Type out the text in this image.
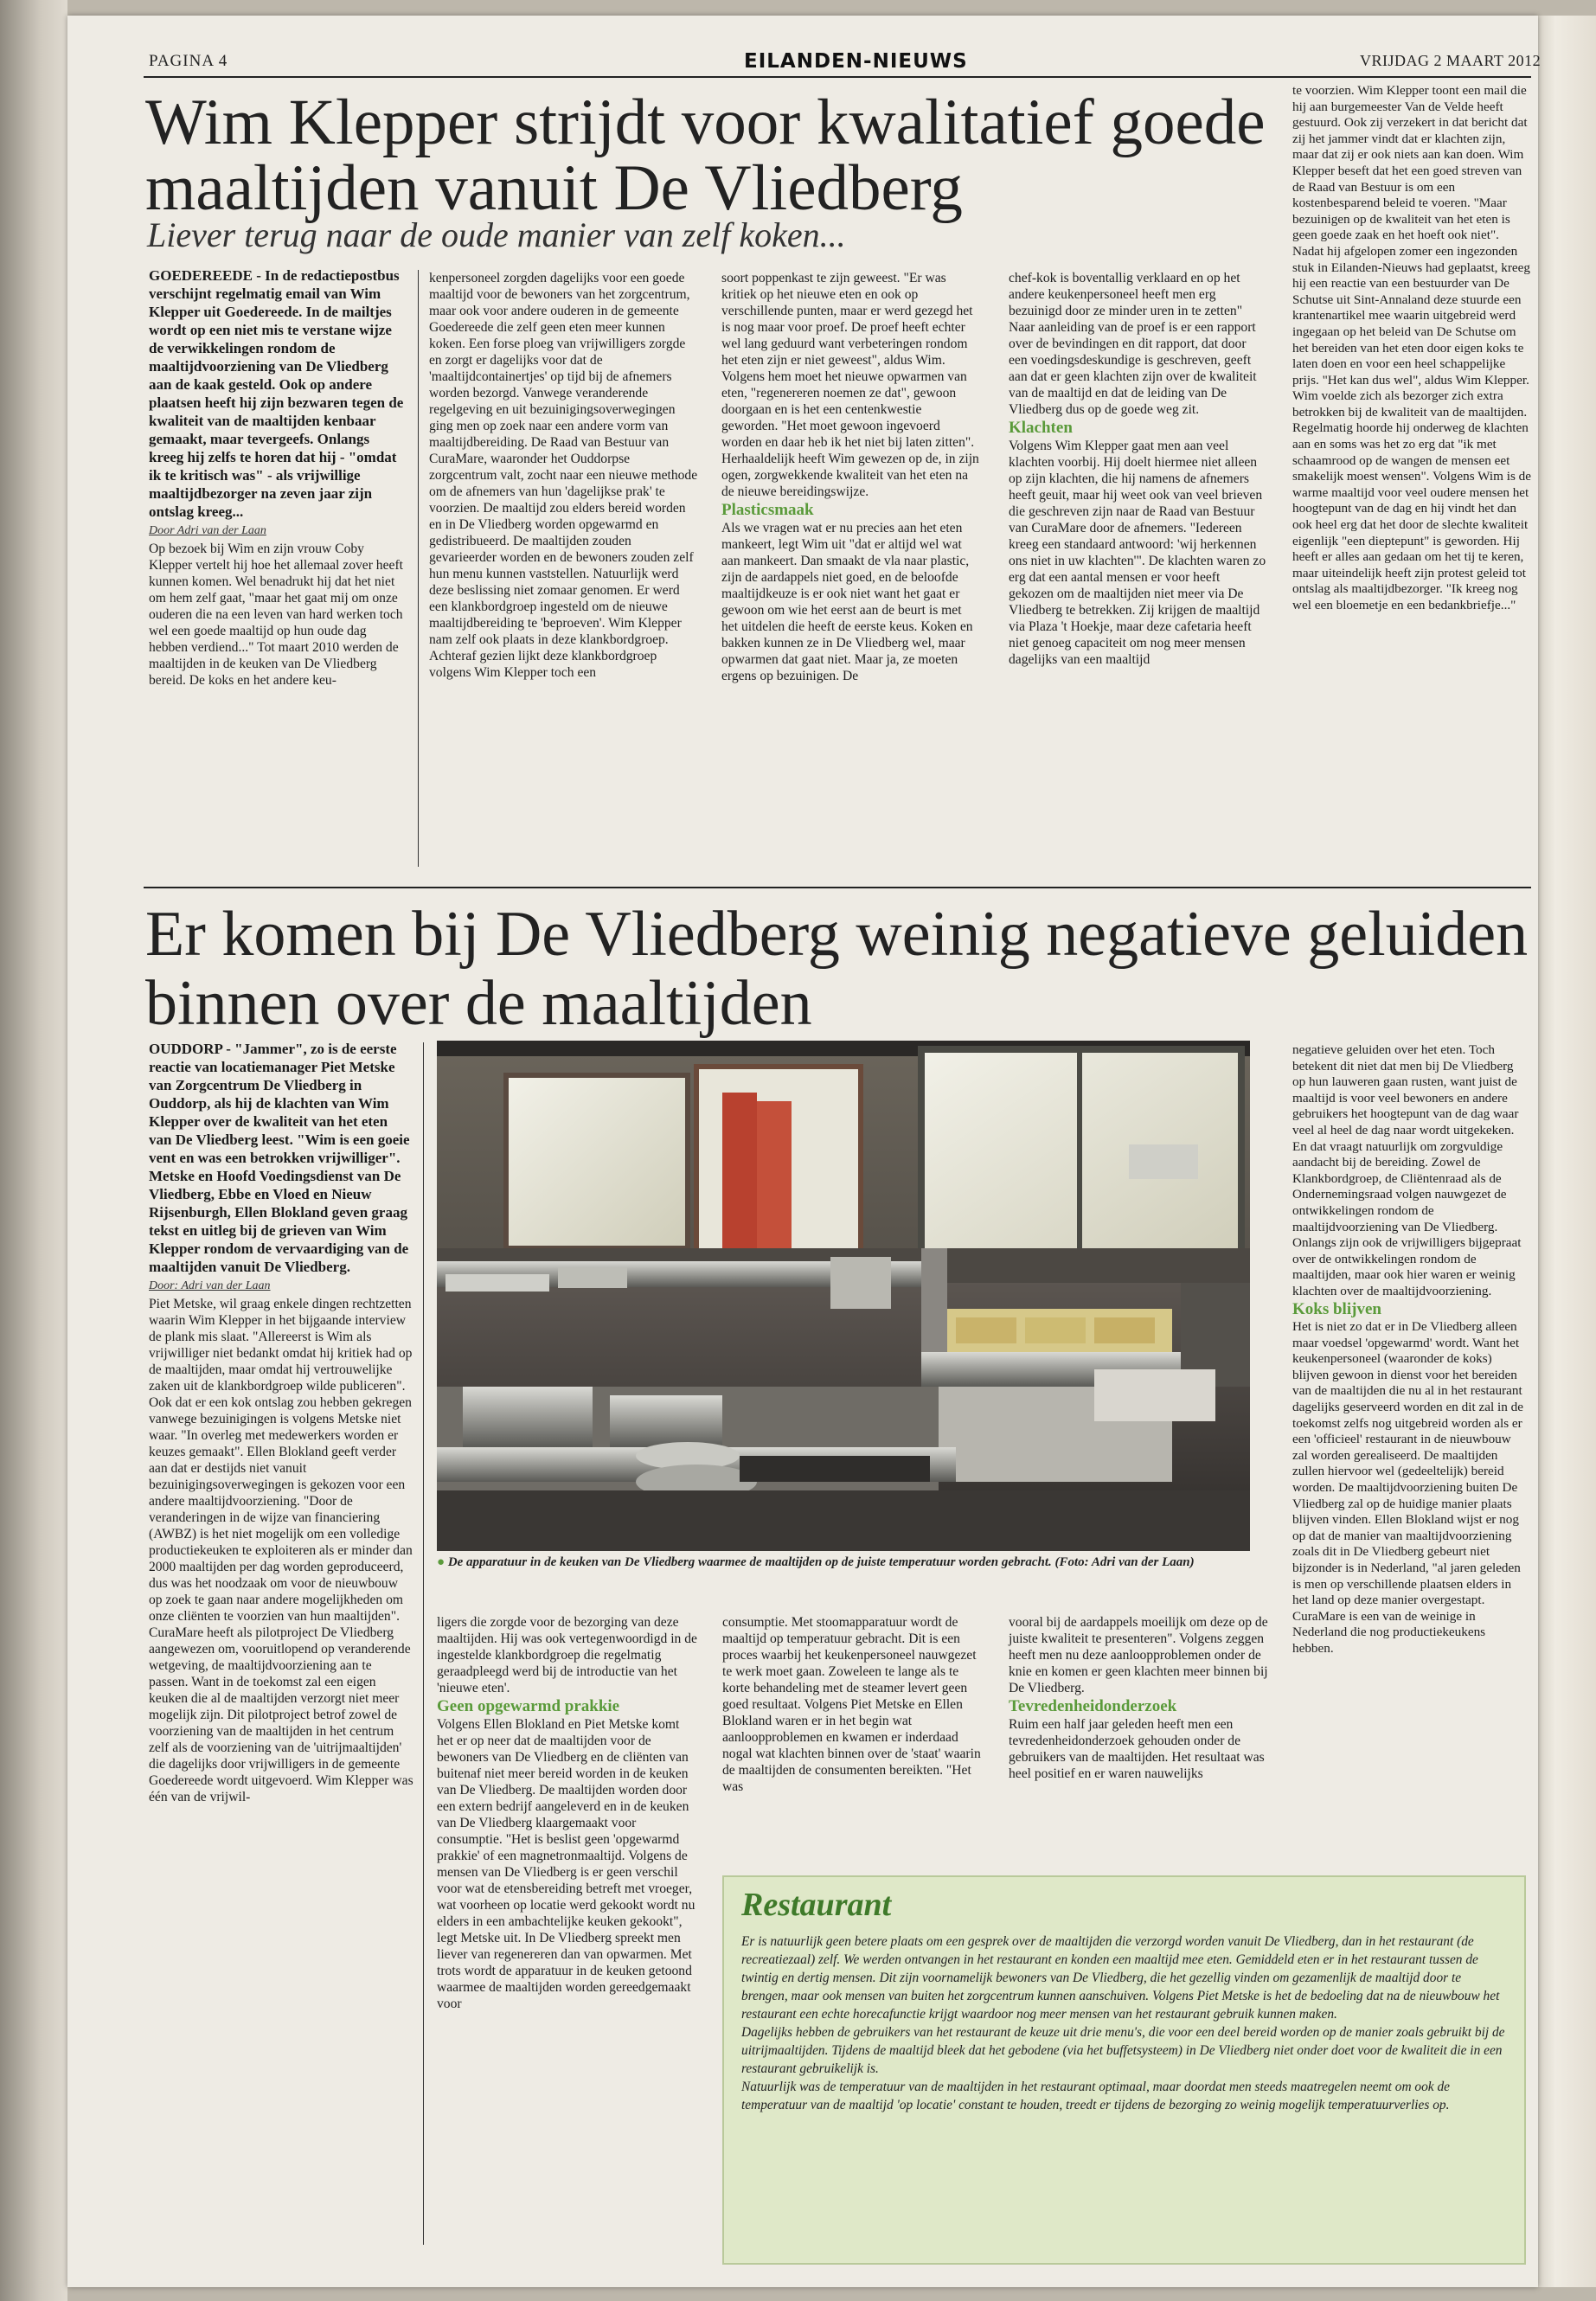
PAGINA 4	EILANDEN-NIEUWS	VRIJDAG 2 MAART 2012
Wim Klepper strijdt voor kwalitatief goede maaltijden vanuit De Vliedberg
Liever terug naar de oude manier van zelf koken...

GOEDEREEDE - In de redactiepostbus verschijnt regelmatig email van Wim Klepper uit Goedereede. In de mailtjes wordt op een niet mis te verstane wijze de verwikkelingen rondom de maaltijdvoorziening van De Vliedberg aan de kaak gesteld. Ook op andere plaatsen heeft hij zijn bezwaren tegen de kwaliteit van de maaltijden kenbaar gemaakt, maar tevergeefs. Onlangs kreeg hij zelfs te horen dat hij - "omdat ik te kritisch was" - als vrijwillige maaltijdbezorger na zeven jaar zijn ontslag kreeg...

Door Adri van der Laan

Op bezoek bij Wim en zijn vrouw Coby Klepper vertelt hij hoe het allemaal zover heeft kunnen komen. Wel benadrukt hij dat het niet om hem zelf gaat, "maar het gaat mij om onze ouderen die na een leven van hard werken toch wel een goede maaltijd op hun oude dag hebben verdiend..." Tot maart 2010 werden de maaltijden in de keuken van De Vliedberg bereid. De koks en het andere keu-

kenpersoneel zorgden dagelijks voor een goede maaltijd voor de bewoners van het zorgcentrum, maar ook voor andere ouderen in de gemeente Goedereede die zelf geen eten meer kunnen koken. Een forse ploeg van vrijwilligers zorgde en zorgt er dagelijks voor dat de 'maaltijdcontainertjes' op tijd bij de afnemers worden bezorgd. Vanwege veranderende regelgeving en uit bezuinigingsoverwegingen ging men op zoek naar een andere vorm van maaltijdbereiding. De Raad van Bestuur van CuraMare, waaronder het Ouddorpse zorgcentrum valt, zocht naar een nieuwe methode om de afnemers van hun 'dagelijkse prak' te voorzien. De maaltijd zou elders bereid worden en in De Vliedberg worden opgewarmd en gedistribueerd. De maaltijden zouden gevarieerder worden en de bewoners zouden zelf hun menu kunnen vaststellen. Natuurlijk werd deze beslissing niet zomaar genomen. Er werd een klankbordgroep ingesteld om de nieuwe maaltijdbereiding te 'beproeven'. Wim Klepper nam zelf ook plaats in deze klankbordgroep. Achteraf gezien lijkt deze klankbordgroep volgens Wim Klepper toch een

soort poppenkast te zijn geweest. "Er was kritiek op het nieuwe eten en ook op verschillende punten, maar er werd gezegd het is nog maar voor proef. De proef heeft echter wel lang geduurd want verbeteringen rondom het eten zijn er niet geweest", aldus Wim. Volgens hem moet het nieuwe opwarmen van eten, "regenereren noemen ze dat", gewoon doorgaan en is het een centenkwestie geworden. "Het moet gewoon ingevoerd worden en daar heb ik het niet bij laten zitten". Herhaaldelijk heeft Wim gewezen op de, in zijn ogen, zorgwekkende kwaliteit van het eten na de nieuwe bereidingswijze.

Plasticsmaak

Als we vragen wat er nu precies aan het eten mankeert, legt Wim uit "dat er altijd wel wat aan mankeert. Dan smaakt de vla naar plastic, zijn de aardappels niet goed, en de beloofde maaltijdkeuze is er ook niet want het gaat er gewoon om wie het eerst aan de beurt is met het uitdelen die heeft de eerste keus. Koken en bakken kunnen ze in De Vliedberg wel, maar opwarmen dat gaat niet. Maar ja, ze moeten ergens op bezuinigen. De

chef-kok is boventallig verklaard en op het andere keukenpersoneel heeft men erg bezuinigd door ze minder uren in te zetten" Naar aanleiding van de proef is er een rapport over de bevindingen en dit rapport, dat door een voedingsdeskundige is geschreven, geeft aan dat er geen klachten zijn over de kwaliteit van de maaltijd en dat de leiding van De Vliedberg dus op de goede weg zit.

Klachten

Volgens Wim Klepper gaat men aan veel klachten voorbij. Hij doelt hiermee niet alleen op zijn klachten, die hij namens de afnemers heeft geuit, maar hij weet ook van veel brieven die geschreven zijn naar de Raad van Bestuur van CuraMare door de afnemers. "Iedereen kreeg een standaard antwoord: 'wij herkennen ons niet in uw klachten'". De klachten waren zo erg dat een aantal mensen er voor heeft gekozen om de maaltijden niet meer via De Vliedberg te betrekken. Zij krijgen de maaltijd via Plaza 't Hoekje, maar deze cafetaria heeft niet genoeg capaciteit om nog meer mensen dagelijks van een maaltijd

te voorzien. Wim Klepper toont een mail die hij aan burgemeester Van de Velde heeft gestuurd. Ook zij verzekert in dat bericht dat zij het jammer vindt dat er klachten zijn, maar dat zij er ook niets aan kan doen. Wim Klepper beseft dat het een goed streven van de Raad van Bestuur is om een kostenbesparend beleid te voeren. "Maar bezuinigen op de kwaliteit van het eten is geen goede zaak en het hoeft ook niet". Nadat hij afgelopen zomer een ingezonden stuk in Eilanden-Nieuws had geplaatst, kreeg hij een reactie van een bestuurder van De Schutse uit Sint-Annaland deze stuurde een krantenartikel mee waarin uitgebreid werd ingegaan op het beleid van De Schutse om het bereiden van het eten door eigen koks te laten doen en voor een heel schappelijke prijs. "Het kan dus wel", aldus Wim Klepper. Wim voelde zich als bezorger zich extra betrokken bij de kwaliteit van de maaltijden. Regelmatig hoorde hij onderweg de klachten aan en soms was het zo erg dat "ik met schaamrood op de wangen de mensen eet smakelijk moest wensen". Volgens Wim is de warme maaltijd voor veel oudere mensen het hoogtepunt van de dag en hij vindt het dan ook heel erg dat het door de slechte kwaliteit eigenlijk "een dieptepunt" is geworden. Hij heeft er alles aan gedaan om het tij te keren, maar uiteindelijk heeft zijn protest geleid tot ontslag als maaltijdbezorger. "Ik kreeg nog wel een bloemetje en een bedankbriefje..."

Er komen bij De Vliedberg weinig negatieve geluiden binnen over de maaltijden

OUDDORP - "Jammer", zo is de eerste reactie van locatiemanager Piet Metske van Zorgcentrum De Vliedberg in Ouddorp, als hij de klachten van Wim Klepper over de kwaliteit van het eten van De Vliedberg leest. "Wim is een goeie vent en was een betrokken vrijwilliger". Metske en Hoofd Voedingsdienst van De Vliedberg, Ebbe en Vloed en Nieuw Rijsenburgh, Ellen Blokland geven graag tekst en uitleg bij de grieven van Wim Klepper rondom de vervaardiging van de maaltijden vanuit De Vliedberg.

Door: Adri van der Laan

Piet Metske, wil graag enkele dingen rechtzetten waarin Wim Klepper in het bijgaande interview de plank mis slaat. "Allereerst is Wim als vrijwilliger niet bedankt omdat hij kritiek had op de maaltijden, maar omdat hij vertrouwelijke zaken uit de klankbordgroep wilde publiceren". Ook dat er een kok ontslag zou hebben gekregen vanwege bezuinigingen is volgens Metske niet waar. "In overleg met medewerkers worden er keuzes gemaakt". Ellen Blokland geeft verder aan dat er destijds niet vanuit bezuinigingsoverwegingen is gekozen voor een andere maaltijdvoorziening. "Door de veranderingen in de wijze van financiering (AWBZ) is het niet mogelijk om een volledige productiekeuken te exploiteren als er minder dan 2000 maaltijden per dag worden geproduceerd, dus was het noodzaak om voor de nieuwbouw op zoek te gaan naar andere mogelijkheden om onze cliënten te voorzien van hun maaltijden". CuraMare heeft als pilotproject De Vliedberg aangewezen om, vooruitlopend op veranderende wetgeving, de maaltijdvoorziening aan te passen. Want in de toekomst zal een eigen keuken die al de maaltijden verzorgt niet meer mogelijk zijn. Dit pilotproject betrof zowel de voorziening van de maaltijden in het centrum zelf als de voorziening van de 'uitrijmaaltijden' die dagelijks door vrijwilligers in de gemeente Goedereede wordt uitgevoerd. Wim Klepper was één van de vrijwil-

● De apparatuur in de keuken van De Vliedberg waarmee de maaltijden op de juiste temperatuur worden gebracht. (Foto: Adri van der Laan)

ligers die zorgde voor de bezorging van deze maaltijden. Hij was ook vertegenwoordigd in de ingestelde klankbordgroep die regelmatig geraadpleegd werd bij de introductie van het 'nieuwe eten'.

Geen opgewarmd prakkie

Volgens Ellen Blokland en Piet Metske komt het er op neer dat de maaltijden voor de bewoners van De Vliedberg en de cliënten van buitenaf niet meer bereid worden in de keuken van De Vliedberg. De maaltijden worden door een extern bedrijf aangeleverd en in de keuken van De Vliedberg klaargemaakt voor consumptie. "Het is beslist geen 'opgewarmd prakkie' of een magnetronmaaltijd. Volgens de mensen van De Vliedberg is er geen verschil voor wat de etensbereiding betreft met vroeger, wat voorheen op locatie werd gekookt wordt nu elders in een ambachtelijke keuken gekookt", legt Metske uit. In De Vliedberg spreekt men liever van regenereren dan van opwarmen. Met trots wordt de apparatuur in de keuken getoond waarmee de maaltijden worden gereedgemaakt voor

consumptie. Met stoomapparatuur wordt de maaltijd op temperatuur gebracht. Dit is een proces waarbij het keukenpersoneel nauwgezet te werk moet gaan. Zoweleen te lange als te korte behandeling met de steamer levert geen goed resultaat. Volgens Piet Metske en Ellen Blokland waren er in het begin wat aanloopproblemen en kwamen er inderdaad nogal wat klachten binnen over de 'staat' waarin de maaltijden de consumenten bereikten. "Het was

vooral bij de aardappels moeilijk om deze op de juiste kwaliteit te presenteren". Volgens zeggen heeft men nu deze aanloopproblemen onder de knie en komen er geen klachten meer binnen bij De Vliedberg.

Tevredenheidonderzoek

Ruim een half jaar geleden heeft men een tevredenheidonderzoek gehouden onder de gebruikers van de maaltijden. Het resultaat was heel positief en er waren nauwelijks

negatieve geluiden over het eten. Toch betekent dit niet dat men bij De Vliedberg op hun lauweren gaan rusten, want juist de maaltijd is voor veel bewoners en andere gebruikers het hoogtepunt van de dag waar veel al heel de dag naar wordt uitgekeken. En dat vraagt natuurlijk om zorgvuldige aandacht bij de bereiding. Zowel de Klankbordgroep, de Cliëntenraad als de Ondernemingsraad volgen nauwgezet de ontwikkelingen rondom de maaltijdvoorziening van De Vliedberg. Onlangs zijn ook de vrijwilligers bijgepraat over de ontwikkelingen rondom de maaltijden, maar ook hier waren er weinig klachten over de maaltijdvoorziening.

Koks blijven

Het is niet zo dat er in De Vliedberg alleen maar voedsel 'opgewarmd' wordt. Want het keukenpersoneel (waaronder de koks) blijven gewoon in dienst voor het bereiden van de maaltijden die nu al in het restaurant dagelijks geserveerd worden en dit zal in de toekomst zelfs nog uitgebreid worden als er een 'officieel' restaurant in de nieuwbouw zal worden gerealiseerd. De maaltijden zullen hiervoor wel (gedeeltelijk) bereid worden. De maaltijdvoorziening buiten De Vliedberg zal op de huidige manier plaats blijven vinden. Ellen Blokland wijst er nog op dat de manier van maaltijdvoorziening zoals dit in De Vliedberg gebeurt niet bijzonder is in Nederland, "al jaren geleden is men op verschillende plaatsen elders in het land op deze manier overgestapt. CuraMare is een van de weinige in Nederland die nog productiekeukens hebben.

Restaurant

Er is natuurlijk geen betere plaats om een gesprek over de maaltijden die verzorgd worden vanuit De Vliedberg, dan in het restaurant (de recreatiezaal) zelf. We werden ontvangen in het restaurant en konden een maaltijd mee eten. Gemiddeld eten er in het restaurant tussen de twintig en dertig mensen. Dit zijn voornamelijk bewoners van De Vliedberg, die het gezellig vinden om gezamenlijk de maaltijd door te brengen, maar ook mensen van buiten het zorgcentrum kunnen aanschuiven. Volgens Piet Metske is het de bedoeling dat na de nieuwbouw het restaurant een echte horecafunctie krijgt waardoor nog meer mensen van het restaurant gebruik kunnen maken.

Dagelijks hebben de gebruikers van het restaurant de keuze uit drie menu's, die voor een deel bereid worden op de manier zoals gebruikt bij de uitrijmaaltijden. Tijdens de maaltijd bleek dat het gebodene (via het buffetsysteem) in De Vliedberg niet onder doet voor de kwaliteit die in een restaurant gebruikelijk is.

Natuurlijk was de temperatuur van de maaltijden in het restaurant optimaal, maar doordat men steeds maatregelen neemt om ook de temperatuur van de maaltijd 'op locatie' constant te houden, treedt er tijdens de bezorging zo weinig mogelijk temperatuurverlies op.
